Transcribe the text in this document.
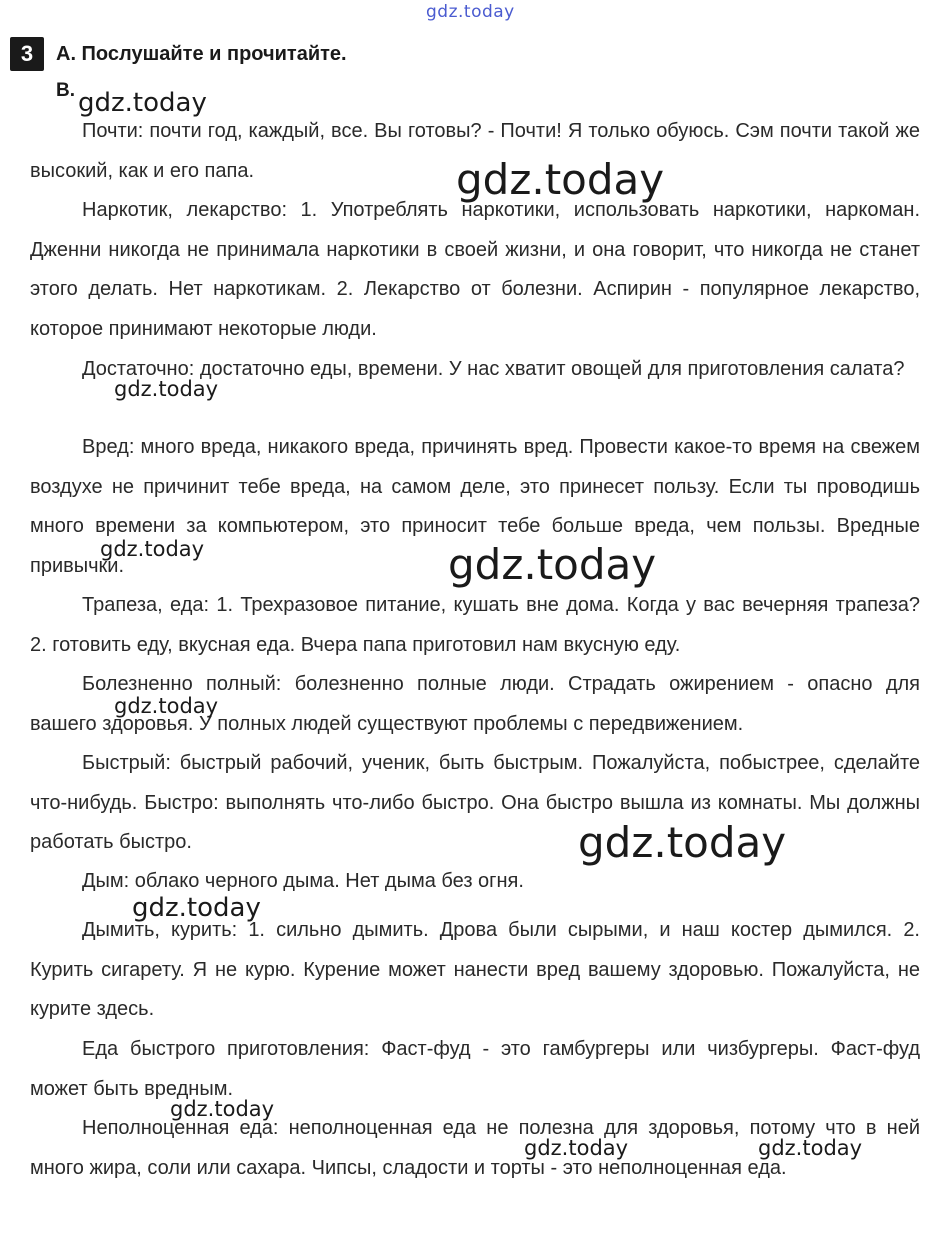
gdz.today
3	A. Послушайте и прочитайте.
B.

Почти: почти год, каждый, все. Вы готовы? - Почти! Я только обуюсь. Сэм почти такой же высокий, как и его папа.

Наркотик, лекарство: 1. Употреблять наркотики, использовать наркотики, наркоман. Дженни никогда не принимала наркотики в своей жизни, и она говорит, что никогда не станет этого делать. Нет наркотикам. 2. Лекарство от болезни. Аспирин - популярное лекарство, которое принимают некоторые люди.

Достаточно: достаточно еды, времени. У нас хватит овощей для приготовления салата?

Вред: много вреда, никакого вреда, причинять вред. Провести какое-то время на свежем воздухе не причинит тебе вреда, на самом деле, это принесет пользу. Если ты проводишь много времени за компьютером, это приносит тебе больше вреда, чем пользы. Вредные привычки.

Трапеза, еда: 1. Трехразовое питание, кушать вне дома. Когда у вас вечерняя трапеза? 2. готовить еду, вкусная еда. Вчера папа приготовил нам вкусную еду.

Болезненно полный: болезненно полные люди. Страдать ожирением - опасно для вашего здоровья. У полных людей существуют проблемы с передвижением.

Быстрый: быстрый рабочий, ученик, быть быстрым. Пожалуйста, побыстрее, сделайте что-нибудь. Быстро: выполнять что-либо быстро. Она быстро вышла из комнаты. Мы должны работать быстро.

Дым: облако черного дыма. Нет дыма без огня.

Дымить, курить: 1. сильно дымить. Дрова были сырыми, и наш костер дымился. 2. Курить сигарету. Я не курю. Курение может нанести вред вашему здоровью. Пожалуйста, не курите здесь.

Еда быстрого приготовления: Фаст-фуд - это гамбургеры или чизбургеры. Фаст-фуд может быть вредным.

Неполноценная еда: неполноценная еда не полезна для здоровья, потому что в ней много жира, соли или сахара. Чипсы, сладости и торты - это неполноценная еда.

gdz.today
gdz.today
gdz.today
gdz.today	gdz.today
gdz.today
gdz.today
gdz.today
gdz.today
gdz.today	gdz.today
